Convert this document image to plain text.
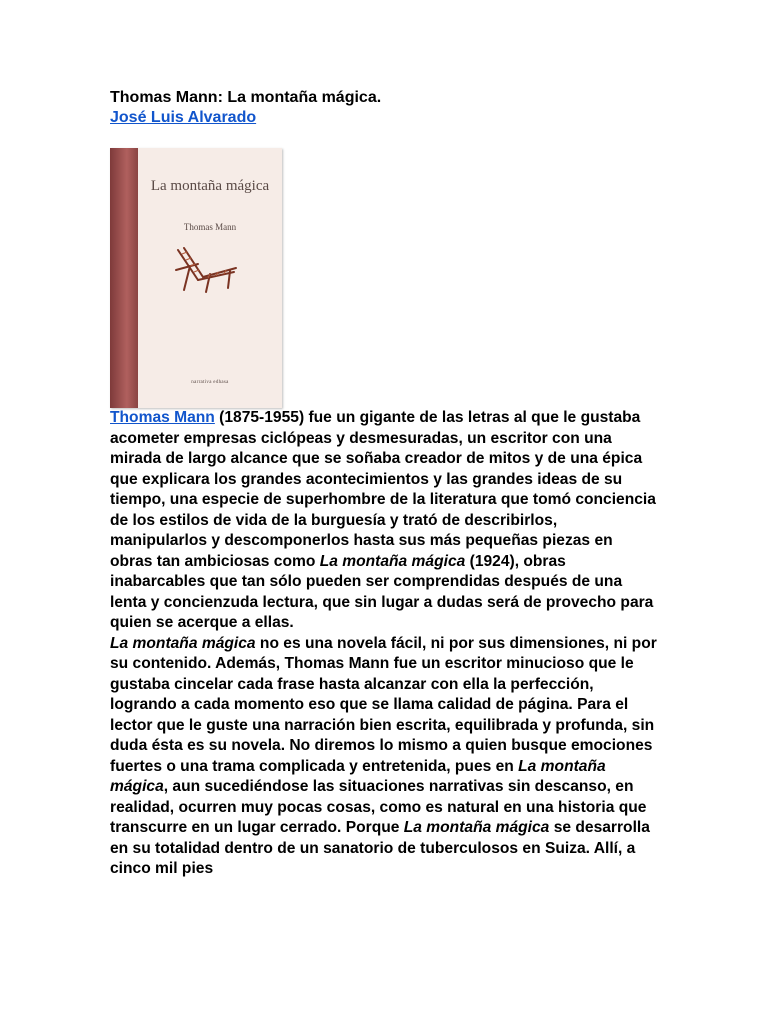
Thomas Mann: La montaña mágica.
José Luis Alvarado
La montaña mágica
Thomas Mann
narrativa edhasa

Thomas Mann (1875-1955) fue un gigante de las letras al que le gustaba acometer empresas ciclópeas y desmesuradas, un escritor con una mirada de largo alcance que se soñaba creador de mitos y de una épica que explicara los grandes acontecimientos y las grandes ideas de su tiempo, una especie de superhombre de la literatura que tomó conciencia de los estilos de vida de la burguesía y trató de describirlos, manipularlos y descomponerlos hasta sus más pequeñas piezas en obras tan ambiciosas como La montaña mágica (1924), obras inabarcables que tan sólo pueden ser comprendidas después de una lenta y concienzuda lectura, que sin lugar a dudas será de provecho para quien se acerque a ellas.

La montaña mágica no es una novela fácil, ni por sus dimensiones, ni por su contenido. Además, Thomas Mann fue un escritor minucioso que le gustaba cincelar cada frase hasta alcanzar con ella la perfección, logrando a cada momento eso que se llama calidad de página. Para el lector que le guste una narración bien escrita, equilibrada y profunda, sin duda ésta es su novela. No diremos lo mismo a quien busque emociones fuertes o una trama complicada y entretenida, pues en La montaña mágica, aun sucediéndose las situaciones narrativas sin descanso, en realidad, ocurren muy pocas cosas, como es natural en una historia que transcurre en un lugar cerrado. Porque La montaña mágica se desarrolla en su totalidad dentro de un sanatorio de tuberculosos en Suiza. Allí, a cinco mil pies
